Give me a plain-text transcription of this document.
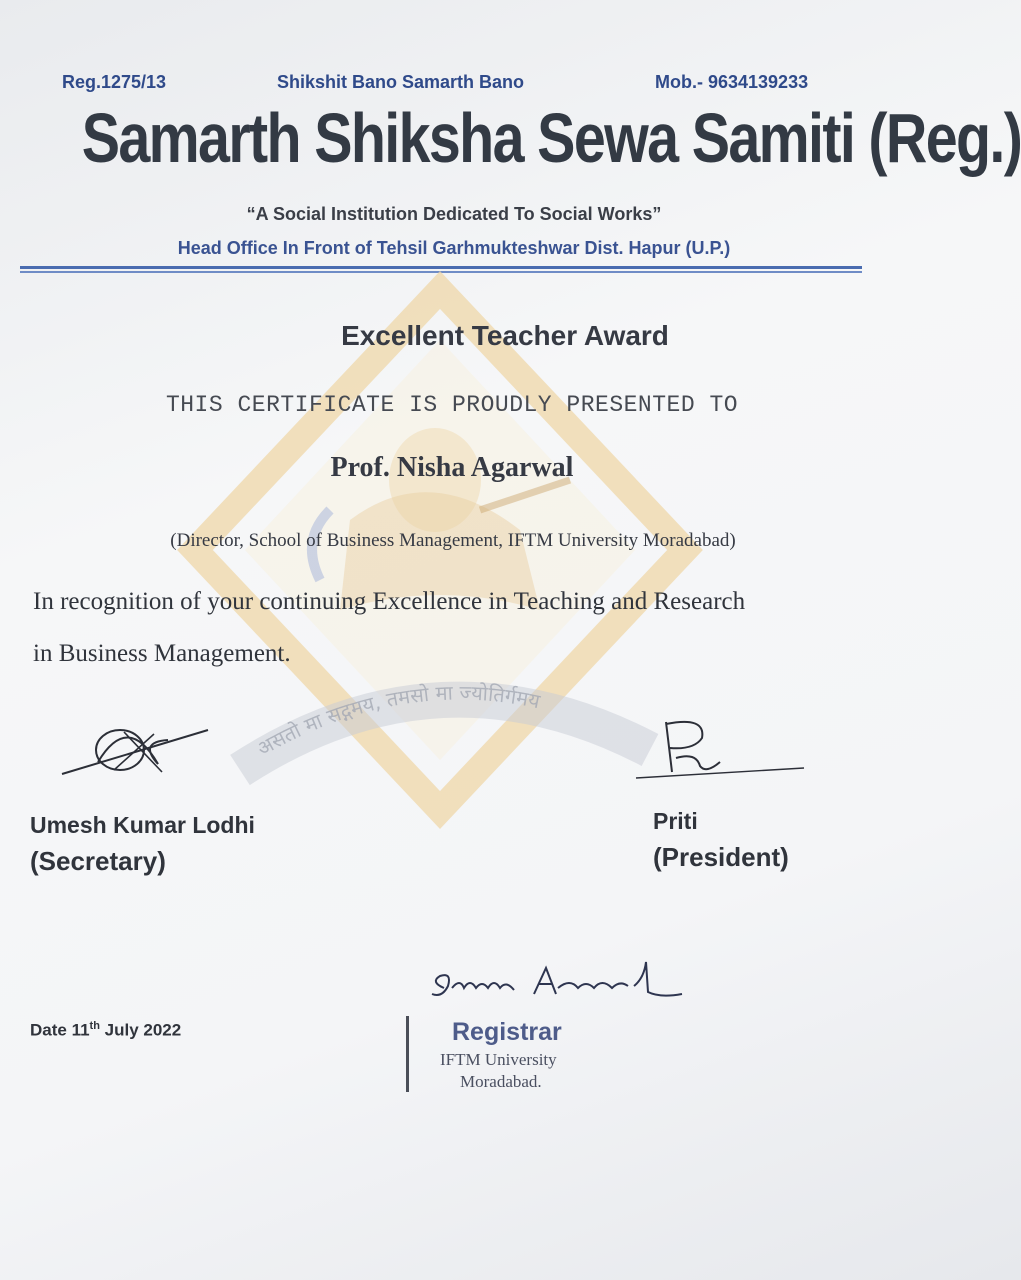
Reg.1275/13	Shikshit Bano Samarth Bano	Mob.- 9634139233
Samarth Shiksha Sewa Samiti (Reg.)
“A Social Institution Dedicated To Social Works”
Head Office In Front of Tehsil Garhmukteshwar Dist. Hapur (U.P.)
असतो मा सद्गमय, तमसो मा ज्योतिर्गमय
Excellent Teacher Award
THIS CERTIFICATE IS PROUDLY PRESENTED TO
Prof. Nisha Agarwal
(Director, School of Business Management, IFTM University Moradabad)
In recognition of your continuing Excellence in Teaching and Research
in Business Management.
Umesh Kumar Lodhi
(Secretary)
Priti
(President)
Date 11th July 2022	Registrar
IFTM University
Moradabad.
